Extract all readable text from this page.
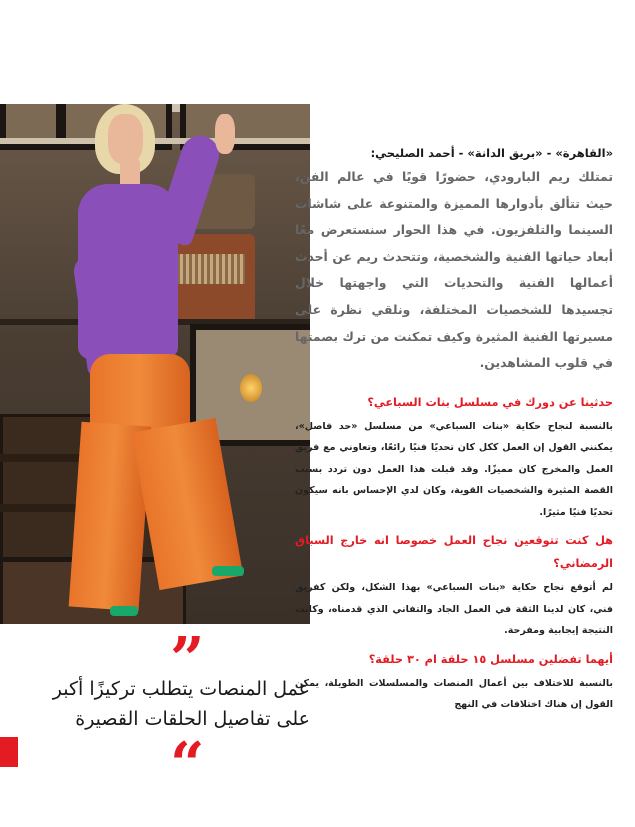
”
عمل المنصات يتطلب تركيزًا أكبر
على تفاصيل الحلقات القصيرة
“
«القاهرة» - «بريق الدانة» - أحمد الصليحي:

تمتلك ريم البارودي، حضورًا قويًا في عالم الفن، حيث تتألق بأدوارها المميزة والمتنوعة على شاشات السينما والتلفزيون. في هذا الحوار سنستعرض معًا أبعاد حياتها الفنية والشخصية، وتتحدث ريم عن أحدث أعمالها الفنية والتحديات التي واجهتها خلال تجسيدها للشخصيات المختلفة، ونلقي نظرة على مسيرتها الفنية المثيرة وكيف تمكنت من ترك بصمتها في قلوب المشاهدين.

حدثينا عن دورك في مسلسل بنات السباعي؟

بالنسبة لنجاح حكاية «بنات السباعي» من مسلسل «حد فاصل»، يمكنني القول إن العمل ككل كان تحديًا فنيًا رائعًا، وتعاوني مع فريق العمل والمخرج كان مميزًا. وقد قبلت هذا العمل دون تردد بسبب القصة المثيرة والشخصيات القوية، وكان لدي الإحساس بانه سيكون تحديًا فنيًا مثيرًا.

هل كنت تتوقعين نجاح العمل خصوصا انه خارج السباق الرمضاني؟

لم أتوقع نجاح حكاية «بنات السباعي» بهذا الشكل، ولكن كفريق فني، كان لدينا الثقة في العمل الجاد والتفاني الذي قدمناه، وكانت النتيجة إيجابية ومفرحة.

أيهما تفضلين مسلسل ١٥ حلقة ام ٣٠ حلقة؟

بالنسبة للاختلاف بين أعمال المنصات والمسلسلات الطويلة، يمكن القول إن هناك اختلافات في النهج
